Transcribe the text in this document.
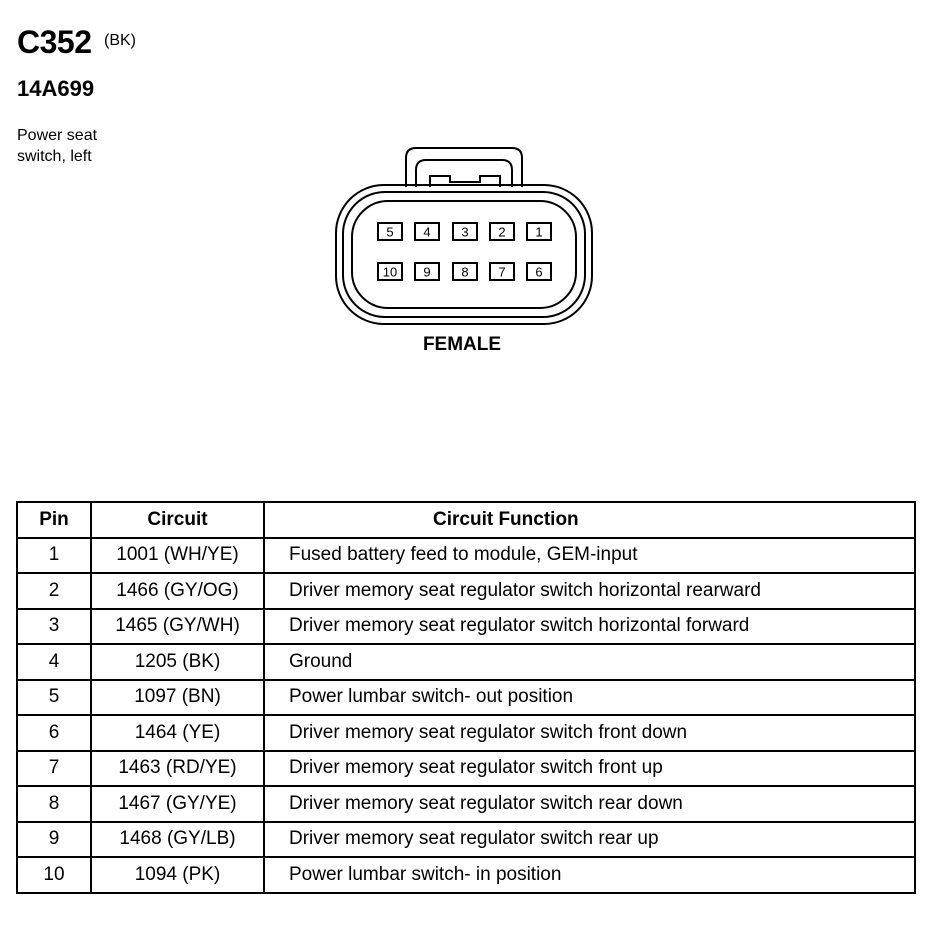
C352 (BK)
14A699
Power seat
switch, left
5 4 3 2 1
10 9 8 7 6
FEMALE
Pin	Circuit	Circuit Function
1	1001 (WH/YE)	Fused battery feed to module, GEM-input
2	1466 (GY/OG)	Driver memory seat regulator switch horizontal rearward
3	1465 (GY/WH)	Driver memory seat regulator switch horizontal forward
4	1205 (BK)	Ground
5	1097 (BN)	Power lumbar switch- out position
6	1464 (YE)	Driver memory seat regulator switch front down
7	1463 (RD/YE)	Driver memory seat regulator switch front up
8	1467 (GY/YE)	Driver memory seat regulator switch rear down
9	1468 (GY/LB)	Driver memory seat regulator switch rear up
10	1094 (PK)	Power lumbar switch- in position
